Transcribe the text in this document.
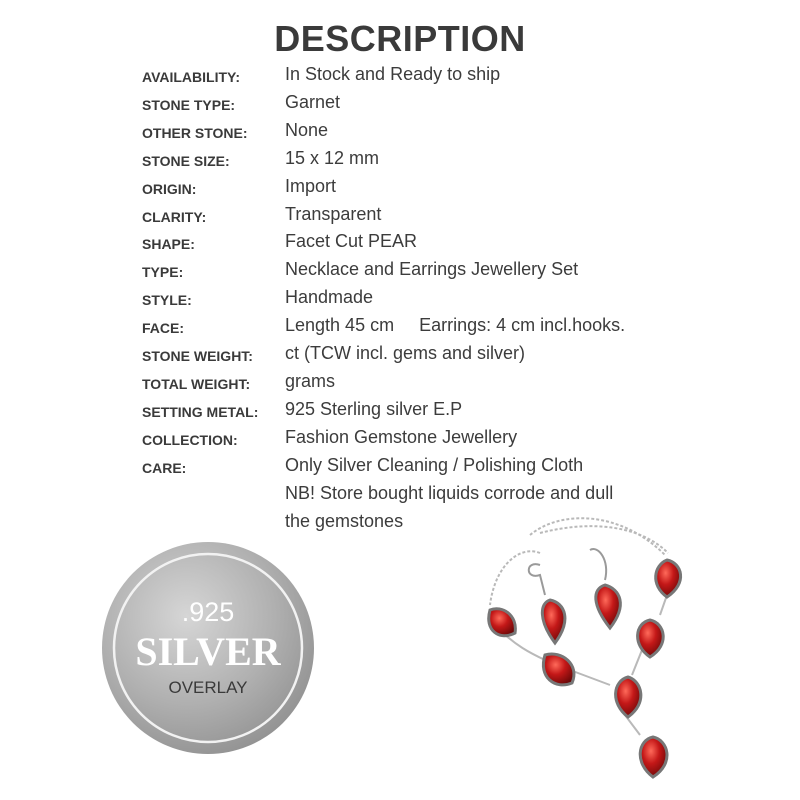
DESCRIPTION
AVAILABILITY:	In Stock and Ready to ship
STONE TYPE:	Garnet
OTHER STONE: None
STONE SIZE:	15 x 12 mm
ORIGIN:	Import
CLARITY:	Transparent
SHAPE:	Facet Cut PEAR
TYPE:	Necklace and Earrings Jewellery Set
STYLE:	Handmade
FACE:	Length 45 cm     Earrings: 4 cm incl.hooks.
STONE WEIGHT: ct (TCW incl. gems and silver)
TOTAL WEIGHT: grams
SETTING METAL: 925 Sterling silver E.P
COLLECTION:	Fashion Gemstone Jewellery
CARE:	Only Silver Cleaning / Polishing Cloth
NB! Store bought liquids corrode and dull
the gemstones
.925
SILVER
OVERLAY
